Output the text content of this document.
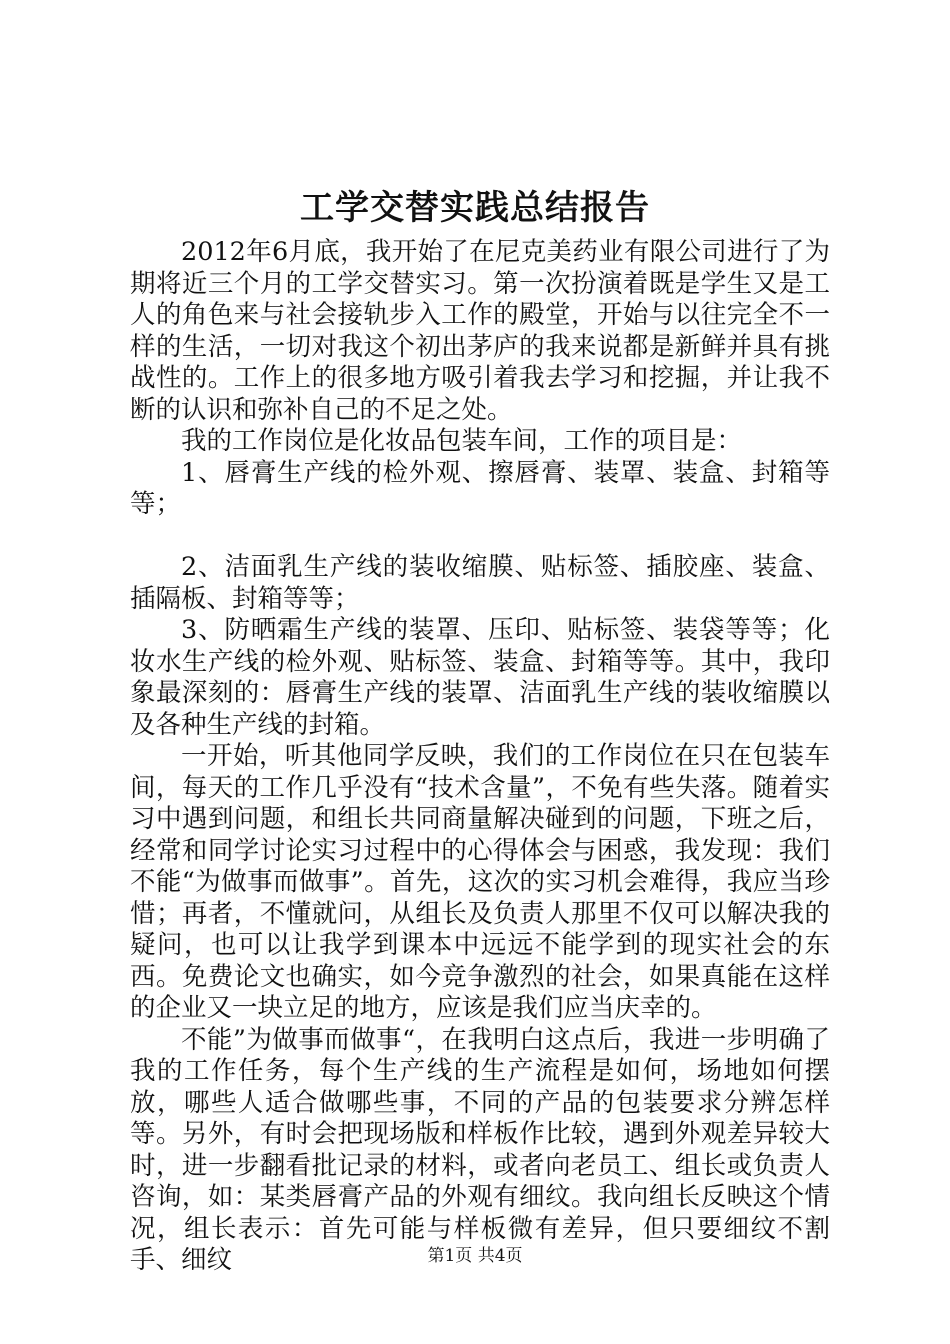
工学交替实践总结报告

2012年6月底，我开始了在尼克美药业有限公司进行了为期将近三个月的工学交替实习。第一次扮演着既是学生又是工人的角色来与社会接轨步入工作的殿堂，开始与以往完全不一样的生活，一切对我这个初出茅庐的我来说都是新鲜并具有挑战性的。工作上的很多地方吸引着我去学习和挖掘，并让我不断的认识和弥补自己的不足之处。

我的工作岗位是化妆品包装车间，工作的项目是：

1、唇膏生产线的检外观、擦唇膏、装罩、装盒、封箱等等；

2、洁面乳生产线的装收缩膜、贴标签、插胶座、装盒、插隔板、封箱等等；

3、防晒霜生产线的装罩、压印、贴标签、装袋等等；化妆水生产线的检外观、贴标签、装盒、封箱等等。其中，我印象最深刻的：唇膏生产线的装罩、洁面乳生产线的装收缩膜以及各种生产线的封箱。

一开始，听其他同学反映，我们的工作岗位在只在包装车间，每天的工作几乎没有“技术含量”，不免有些失落。随着实习中遇到问题，和组长共同商量解决碰到的问题，下班之后，经常和同学讨论实习过程中的心得体会与困惑，我发现：我们不能“为做事而做事”。首先，这次的实习机会难得，我应当珍惜；再者，不懂就问，从组长及负责人那里不仅可以解决我的疑问，也可以让我学到课本中远远不能学到的现实社会的东西。免费论文也确实，如今竞争激烈的社会，如果真能在这样的企业又一块立足的地方，应该是我们应当庆幸的。

不能”为做事而做事“，在我明白这点后，我进一步明确了我的工作任务，每个生产线的生产流程是如何，场地如何摆放，哪些人适合做哪些事，不同的产品的包装要求分辨怎样等。另外，有时会把现场版和样板作比较，遇到外观差异较大时，进一步翻看批记录的材料，或者向老员工、组长或负责人咨询，如：某类唇膏产品的外观有细纹。我向组长反映这个情况，组长表示：首先可能与样板微有差异，但只要细纹不割手、细纹	第1页 共4页
